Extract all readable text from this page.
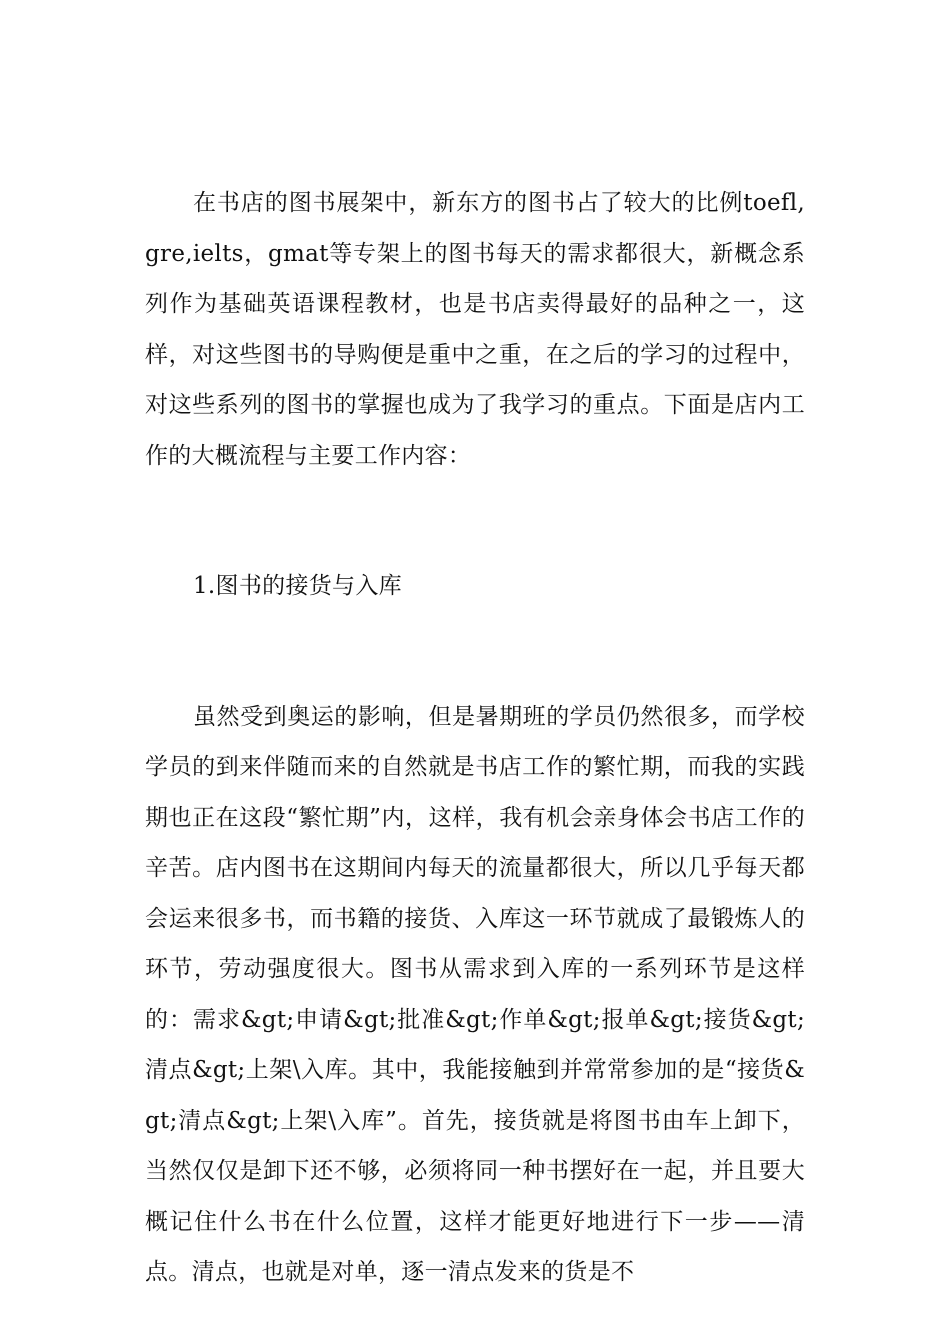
在书店的图书展架中，新东方的图书占了较大的比例toefl,gre,ielts，gmat等专架上的图书每天的需求都很大，新概念系列作为基础英语课程教材，也是书店卖得最好的品种之一，这样，对这些图书的导购便是重中之重，在之后的学习的过程中，对这些系列的图书的掌握也成为了我学习的重点。下面是店内工作的大概流程与主要工作内容：

1.图书的接货与入库

虽然受到奥运的影响，但是暑期班的学员仍然很多，而学校学员的到来伴随而来的自然就是书店工作的繁忙期，而我的实践期也正在这段“繁忙期”内，这样，我有机会亲身体会书店工作的辛苦。店内图书在这期间内每天的流量都很大，所以几乎每天都会运来很多书，而书籍的接货、入库这一环节就成了最锻炼人的环节，劳动强度很大。图书从需求到入库的一系列环节是这样的：需求&gt;申请&gt;批准&gt;作单&gt;报单&gt;接货&gt;清点&gt;上架\入库。其中，我能接触到并常常参加的是“接货&gt;清点&gt;上架\入库”。首先，接货就是将图书由车上卸下，当然仅仅是卸下还不够，必须将同一种书摆好在一起，并且要大概记住什么书在什么位置，这样才能更好地进行下一步——清点。清点，也就是对单，逐一清点发来的货是不
